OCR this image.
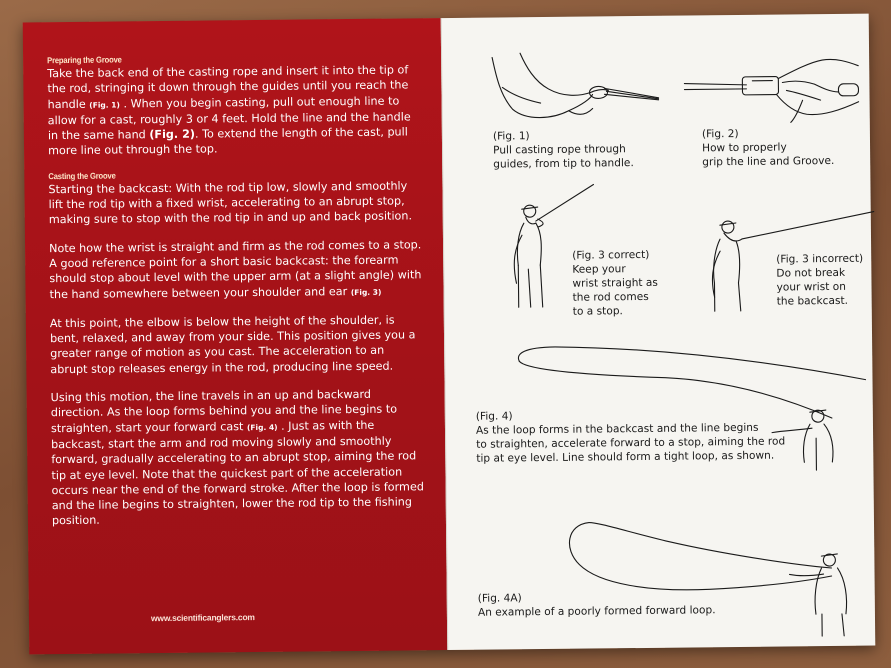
Preparing the Groove

Take the back end of the casting rope and insert it into the tip of the rod, stringing it down through the guides until you reach the handle (Fig. 1) . When you begin casting, pull out enough line to allow for a cast, roughly 3 or 4 feet. Hold the line and the handle in the same hand (Fig. 2). To extend the length of the cast, pull more line out through the top.

Casting the Groove

Starting the backcast: With the rod tip low, slowly and smoothly lift the rod tip with a fixed wrist, accelerating to an abrupt stop, making sure to stop with the rod tip in and up and back position.

Note how the wrist is straight and firm as the rod comes to a stop. A good reference point for a short basic backcast: the forearm should stop about level with the upper arm (at a slight angle) with the hand somewhere between your shoulder and ear (Fig. 3)

At this point, the elbow is below the height of the shoulder, is bent, relaxed, and away from your side. This position gives you a greater range of motion as you cast. The acceleration to an abrupt stop releases energy in the rod, producing line speed.

Using this motion, the line travels in an up and backward direction. As the loop forms behind you and the line begins to straighten, start your forward cast (Fig. 4) . Just as with the backcast, start the arm and rod moving slowly and smoothly forward, gradually accelerating to an abrupt stop, aiming the rod tip at eye level. Note that the quickest part of the acceleration occurs near the end of the forward stroke. After the loop is formed and the line begins to straighten, lower the rod tip to the fishing position.

www.scientificanglers.com
(Fig. 1)
Pull casting rope through
guides, from tip to handle.
(Fig. 2)
How to properly
grip the line and Groove.
(Fig. 3 correct)
Keep your
wrist straight as
the rod comes
to a stop.
(Fig. 3 incorrect)
Do not break
your wrist on
the backcast.
(Fig. 4)
As the loop forms in the backcast and the line begins
to straighten, accelerate forward to a stop, aiming the rod
tip at eye level. Line should form a tight loop, as shown.
(Fig. 4A)
An example of a poorly formed forward loop.
